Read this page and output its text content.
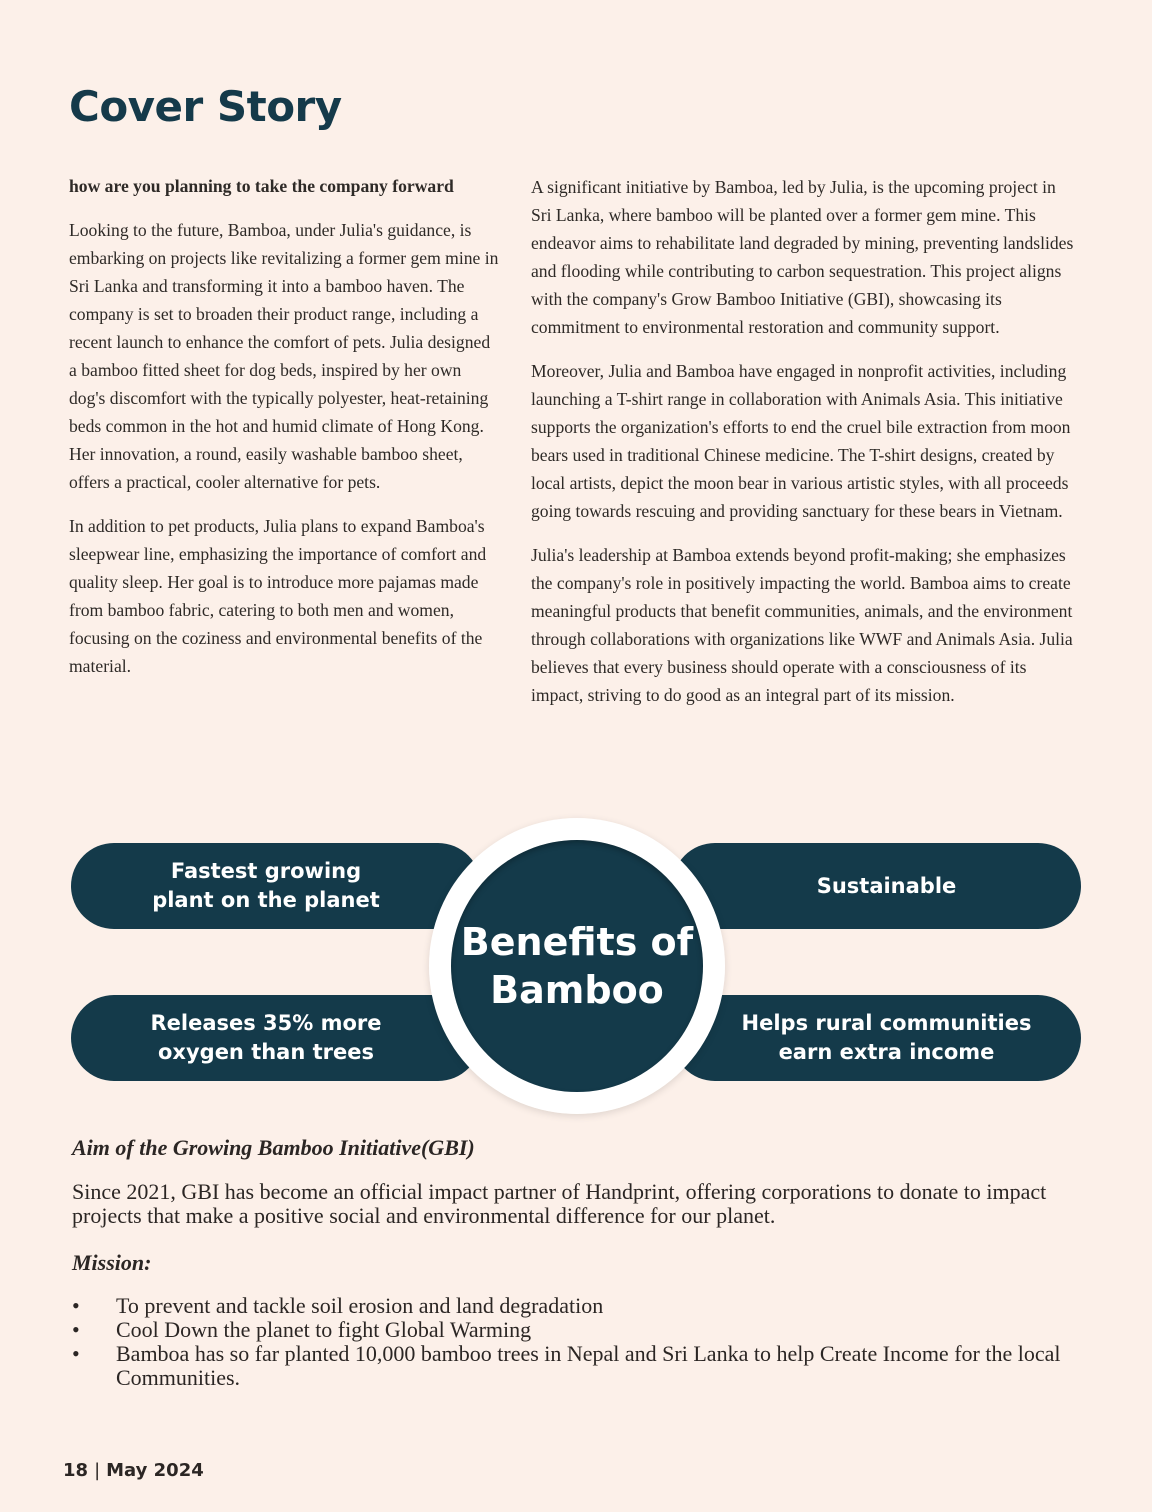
Cover Story

how are you planning to take the company forward

Looking to the future, Bamboa, under Julia's guidance, is embarking on projects like revitalizing a former gem mine in Sri Lanka and transforming it into a bamboo haven. The company is set to broaden their product range, including a recent launch to enhance the comfort of pets. Julia designed a bamboo fitted sheet for dog beds, inspired by her own dog's discomfort with the typically polyester, heat-retaining beds common in the hot and humid climate of Hong Kong. Her innovation, a round, easily washable bamboo sheet, offers a practical, cooler alternative for pets.

In addition to pet products, Julia plans to expand Bamboa's sleepwear line, emphasizing the importance of comfort and quality sleep. Her goal is to introduce more pajamas made from bamboo fabric, catering to both men and women, focusing on the coziness and environmental benefits of the material.

A significant initiative by Bamboa, led by Julia, is the upcoming project in Sri Lanka, where bamboo will be planted over a former gem mine. This endeavor aims to rehabilitate land degraded by mining, preventing landslides and flooding while contributing to carbon sequestration. This project aligns with the company's Grow Bamboo Initiative (GBI), showcasing its commitment to environmental restoration and community support.

Moreover, Julia and Bamboa have engaged in nonprofit activities, including launching a T-shirt range in collaboration with Animals Asia. This initiative supports the organization's efforts to end the cruel bile extraction from moon bears used in traditional Chinese medicine. The T-shirt designs, created by local artists, depict the moon bear in various artistic styles, with all proceeds going towards rescuing and providing sanctuary for these bears in Vietnam.

Julia's leadership at Bamboa extends beyond profit-making; she emphasizes the company's role in positively impacting the world. Bamboa aims to create meaningful products that benefit communities, animals, and the environment through collaborations with organizations like WWF and Animals Asia. Julia believes that every business should operate with a consciousness of its impact, striving to do good as an integral part of its mission.

Fastest growing
plant on the planet
Sustainable
Releases 35% more
oxygen than trees
Helps rural communities
earn extra income
Benefits of
Bamboo
Aim of the Growing Bamboo Initiative(GBI)

Since 2021, GBI has become an official impact partner of Handprint, offering corporations to donate to impact projects that make a positive social and environmental difference for our planet.

Mission:
• To prevent and tackle soil erosion and land degradation
• Cool Down the planet to fight Global Warming
• Bamboa has so far planted 10,000 bamboo trees in Nepal and Sri Lanka to help Create Income for the local Communities.
18 | May 2024
